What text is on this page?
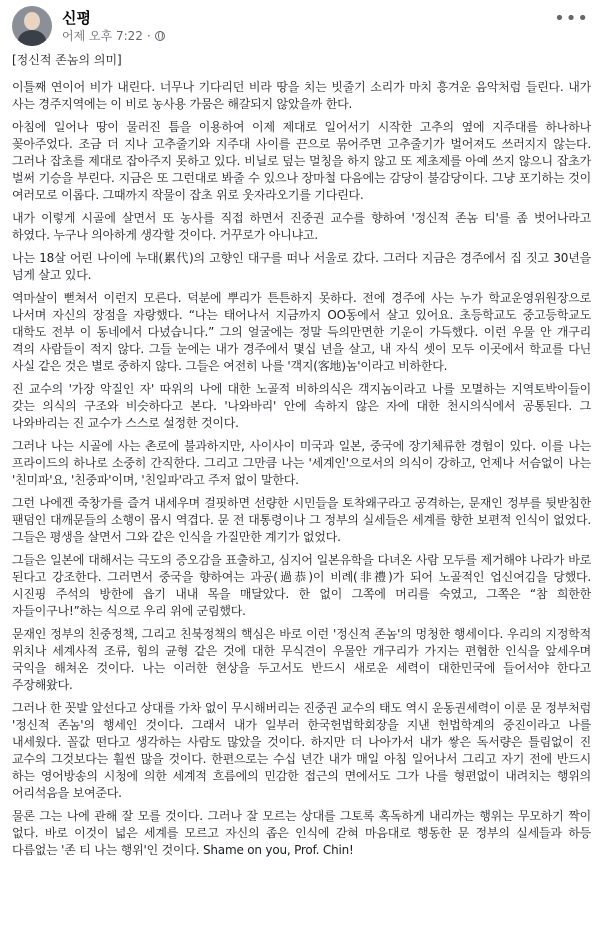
신평
어제 오후 7:22 ·
•••
[정신적 존놈의 의미]

이틀째 연이어 비가 내린다. 너무나 기다리던 비라 땅을 치는 빗줄기 소리가 마치 흥겨운 음악처럼 들린다. 내가 사는 경주지역에는 이 비로 농사용 가뭄은 해갈되지 않았을까 한다.

아침에 일어나 땅이 물러진 틈을 이용하여 이제 제대로 일어서기 시작한 고추의 옆에 지주대를 하나하나 꽂아주었다. 조금 더 지나 고추줄기와 지주대 사이를 끈으로 묶어주면 고추줄기가 벌어져도 쓰러지지 않는다. 그러나 잡초를 제대로 잡아주지 못하고 있다. 비닐로 덮는 멀칭을 하지 않고 또 제초제를 아예 쓰지 않으니 잡초가 벌써 기승을 부린다. 지금은 또 그런대로 봐줄 수 있으나 장마철 다음에는 감당이 불감당이다. 그냥 포기하는 것이 여러모로 이롭다. 그때까지 작물이 잡초 위로 웃자라오기를 기다린다.

내가 이렇게 시골에 살면서 또 농사를 직접 하면서 진중권 교수를 향하여 '정신적 존놈 티'를 좀 벗어나라고 하였다. 누구나 의아하게 생각할 것이다. 거꾸로가 아니냐고.

나는 18살 어린 나이에 누대(累代)의 고향인 대구를 떠나 서울로 갔다. 그러다 지금은 경주에서 집 짓고 30년을 넘게 살고 있다.

역마살이 뻗쳐서 이런지 모른다. 덕분에 뿌리가 튼튼하지 못하다. 전에 경주에 사는 누가 학교운영위원장으로 나서며 자신의 장점을 자랑했다. “나는 태어나서 지금까지 OO동에서 살고 있어요. 초등학교도 중고등학교도 대학도 전부 이 동네에서 다녔습니다.” 그의 얼굴에는 정말 득의만면한 기운이 가득했다. 이런 우물 안 개구리 격의 사람들이 적지 않다. 그들 눈에는 내가 경주에서 몇십 년을 살고, 내 자식 셋이 모두 이곳에서 학교를 다닌 사실 같은 것은 별로 중하지 않다. 그들은 여전히 나를 '객지(客地)놈'이라고 비하한다.

진 교수의 '가장 악질인 자' 따위의 나에 대한 노골적 비하의식은 객지놈이라고 나를 모멸하는 지역토박이들이 갖는 의식의 구조와 비슷하다고 본다. '나와바리' 안에 속하지 않은 자에 대한 천시의식에서 공통된다. 그 나와바리는 진 교수가 스스로 설정한 것이다.

그러나 나는 시골에 사는 촌로에 불과하지만, 사이사이 미국과 일본, 중국에 장기체류한 경험이 있다. 이를 나는 프라이드의 하나로 소중히 간직한다. 그리고 그만큼 나는 '세계인'으로서의 의식이 강하고, 언제나 서슴없이 나는 '친미파'요, '친중파'이며, '친일파'라고 주저 없이 말한다.

그런 나에겐 죽창가를 즐겨 내세우며 걸핏하면 선량한 시민들을 토착왜구라고 공격하는, 문재인 정부를 뒷받침한 팬덤인 대깨문들의 소행이 몹시 역겹다. 문 전 대통령이나 그 정부의 실세들은 세계를 향한 보편적 인식이 없었다. 그들은 평생을 살면서 그와 같은 인식을 가질만한 계기가 없었다.

그들은 일본에 대해서는 극도의 증오감을 표출하고, 심지어 일본유학을 다녀온 사람 모두를 제거해야 나라가 바로 된다고 강조한다. 그러면서 중국을 향하여는 과공(過恭)이 비례(非禮)가 되어 노골적인 업신여김을 당했다. 시진핑 주석의 방한에 읍기 내내 목을 매달았다. 한 없이 그쪽에 머리를 숙였고, 그쪽은 “참 희한한 자들이구나!”하는 식으로 우리 위에 군림했다.

문재인 정부의 친중정책, 그리고 친북정책의 핵심은 바로 이런 '정신적 존놈'의 멍청한 행세이다. 우리의 지정학적 위치나 세계사적 조류, 힘의 균형 같은 것에 대한 무식견이 우물안 개구리가 가지는 편협한 인식을 앞세우며 국익을 해쳐온 것이다. 나는 이러한 현상을 두고서도 반드시 새로운 세력이 대한민국에 들어서야 한다고 주장해왔다.

그러나 한 꼿발 앞선다고 상대를 가차 없이 무시해버리는 진중권 교수의 태도 역시 운동권세력이 이룬 문 정부처럼 '정신적 존놈'의 행세인 것이다. 그래서 내가 일부러 한국헌법학회장을 지낸 헌법학계의 중진이라고 나를 내세웠다. 꼴값 떤다고 생각하는 사람도 많았을 것이다. 하지만 더 나아가서 내가 쌓은 독서량은 틀림없이 진 교수의 그것보다는 훨씬 많을 것이다. 한편으로는 수십 년간 내가 매일 아침 일어나서 그리고 자기 전에 반드시 하는 영어방송의 시청에 의한 세계적 흐름에의 민감한 접근의 면에서도 그가 나를 형편없이 내려치는 행위의 어리석음을 보여준다.

물론 그는 나에 관해 잘 모를 것이다. 그러나 잘 모르는 상대를 그토록 혹독하게 내리까는 행위는 무모하기 짝이 없다. 바로 이것이 넓은 세계를 모르고 자신의 좁은 인식에 갇혀 마음대로 행동한 문 정부의 실세들과 하등 다름없는 '존 티 나는 행위'인 것이다. Shame on you, Prof. Chin!
